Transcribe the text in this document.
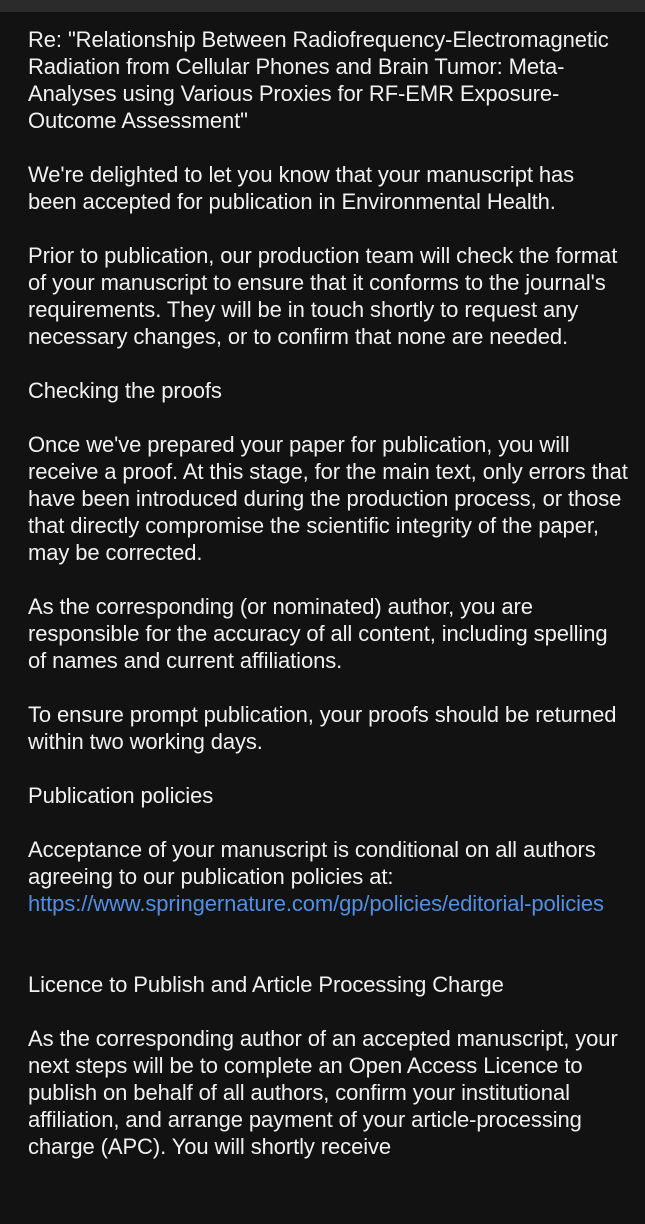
Re: "Relationship Between Radiofrequency-Electromagnetic Radiation from Cellular Phones and Brain Tumor: Meta-Analyses using Various Proxies for RF-EMR Exposure-Outcome Assessment"

We're delighted to let you know that your manuscript has been accepted for publication in Environmental Health.

Prior to publication, our production team will check the format of your manuscript to ensure that it conforms to the journal's requirements. They will be in touch shortly to request any necessary changes, or to confirm that none are needed.

Checking the proofs

Once we've prepared your paper for publication, you will receive a proof. At this stage, for the main text, only errors that have been introduced during the production process, or those that directly compromise the scientific integrity of the paper, may be corrected.

As the corresponding (or nominated) author, you are responsible for the accuracy of all content, including spelling of names and current affiliations.

To ensure prompt publication, your proofs should be returned within two working days.

Publication policies

Acceptance of your manuscript is conditional on all authors agreeing to our publication policies at:
https://www.springernature.com/gp/policies/editorial-policies

Licence to Publish and Article Processing Charge

As the corresponding author of an accepted manuscript, your next steps will be to complete an Open Access Licence to publish on behalf of all authors, confirm your institutional affiliation, and arrange payment of your article-processing charge (APC). You will shortly receive
